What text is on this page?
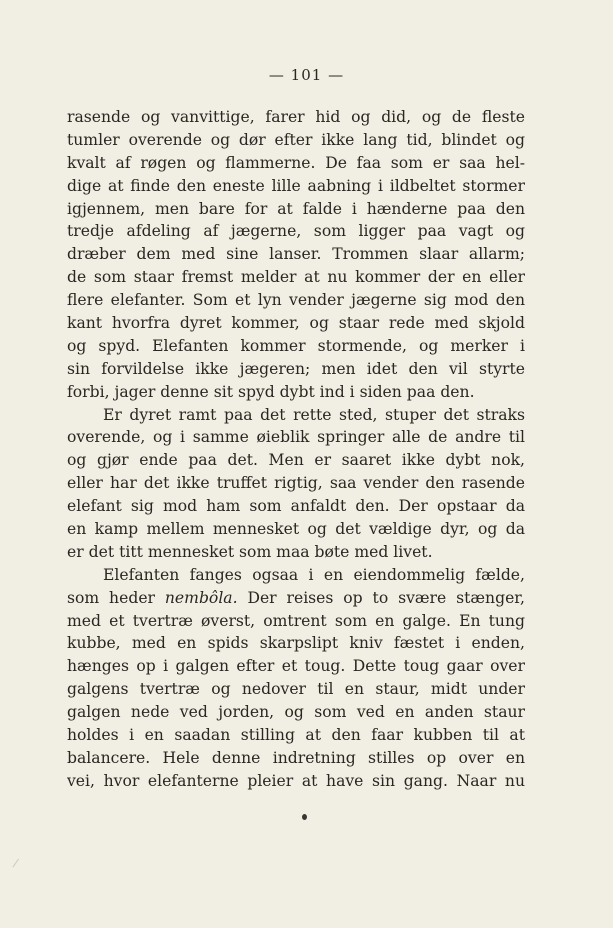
— 101 —
rasende og vanvittige, farer hid og did, og de fleste
tumler overende og dør efter ikke lang tid, blindet og
kvalt af røgen og flammerne. De faa som er saa hel-
dige at finde den eneste lille aabning i ildbeltet stormer
igjennem, men bare for at falde i hænderne paa den
tredje afdeling af jægerne, som ligger paa vagt og
dræber dem med sine lanser. Trommen slaar allarm;
de som staar fremst melder at nu kommer der en eller
flere elefanter. Som et lyn vender jægerne sig mod den
kant hvorfra dyret kommer, og staar rede med skjold
og spyd. Elefanten kommer stormende, og merker i
sin forvildelse ikke jægeren; men idet den vil styrte
forbi, jager denne sit spyd dybt ind i siden paa den.
Er dyret ramt paa det rette sted, stuper det straks
overende, og i samme øieblik springer alle de andre til
og gjør ende paa det. Men er saaret ikke dybt nok,
eller har det ikke truffet rigtig, saa vender den rasende
elefant sig mod ham som anfaldt den. Der opstaar da
en kamp mellem mennesket og det vældige dyr, og da
er det titt mennesket som maa bøte med livet.
Elefanten fanges ogsaa i en eiendommelig fælde,
som heder nembôla. Der reises op to svære stænger,
med et tvertræ øverst, omtrent som en galge. En tung
kubbe, med en spids skarpslipt kniv fæstet i enden,
hænges op i galgen efter et toug. Dette toug gaar over
galgens tvertræ og nedover til en staur, midt under
galgen nede ved jorden, og som ved en anden staur
holdes i en saadan stilling at den faar kubben til at
balancere. Hele denne indretning stilles op over en
vei, hvor elefanterne pleier at have sin gang. Naar nu
